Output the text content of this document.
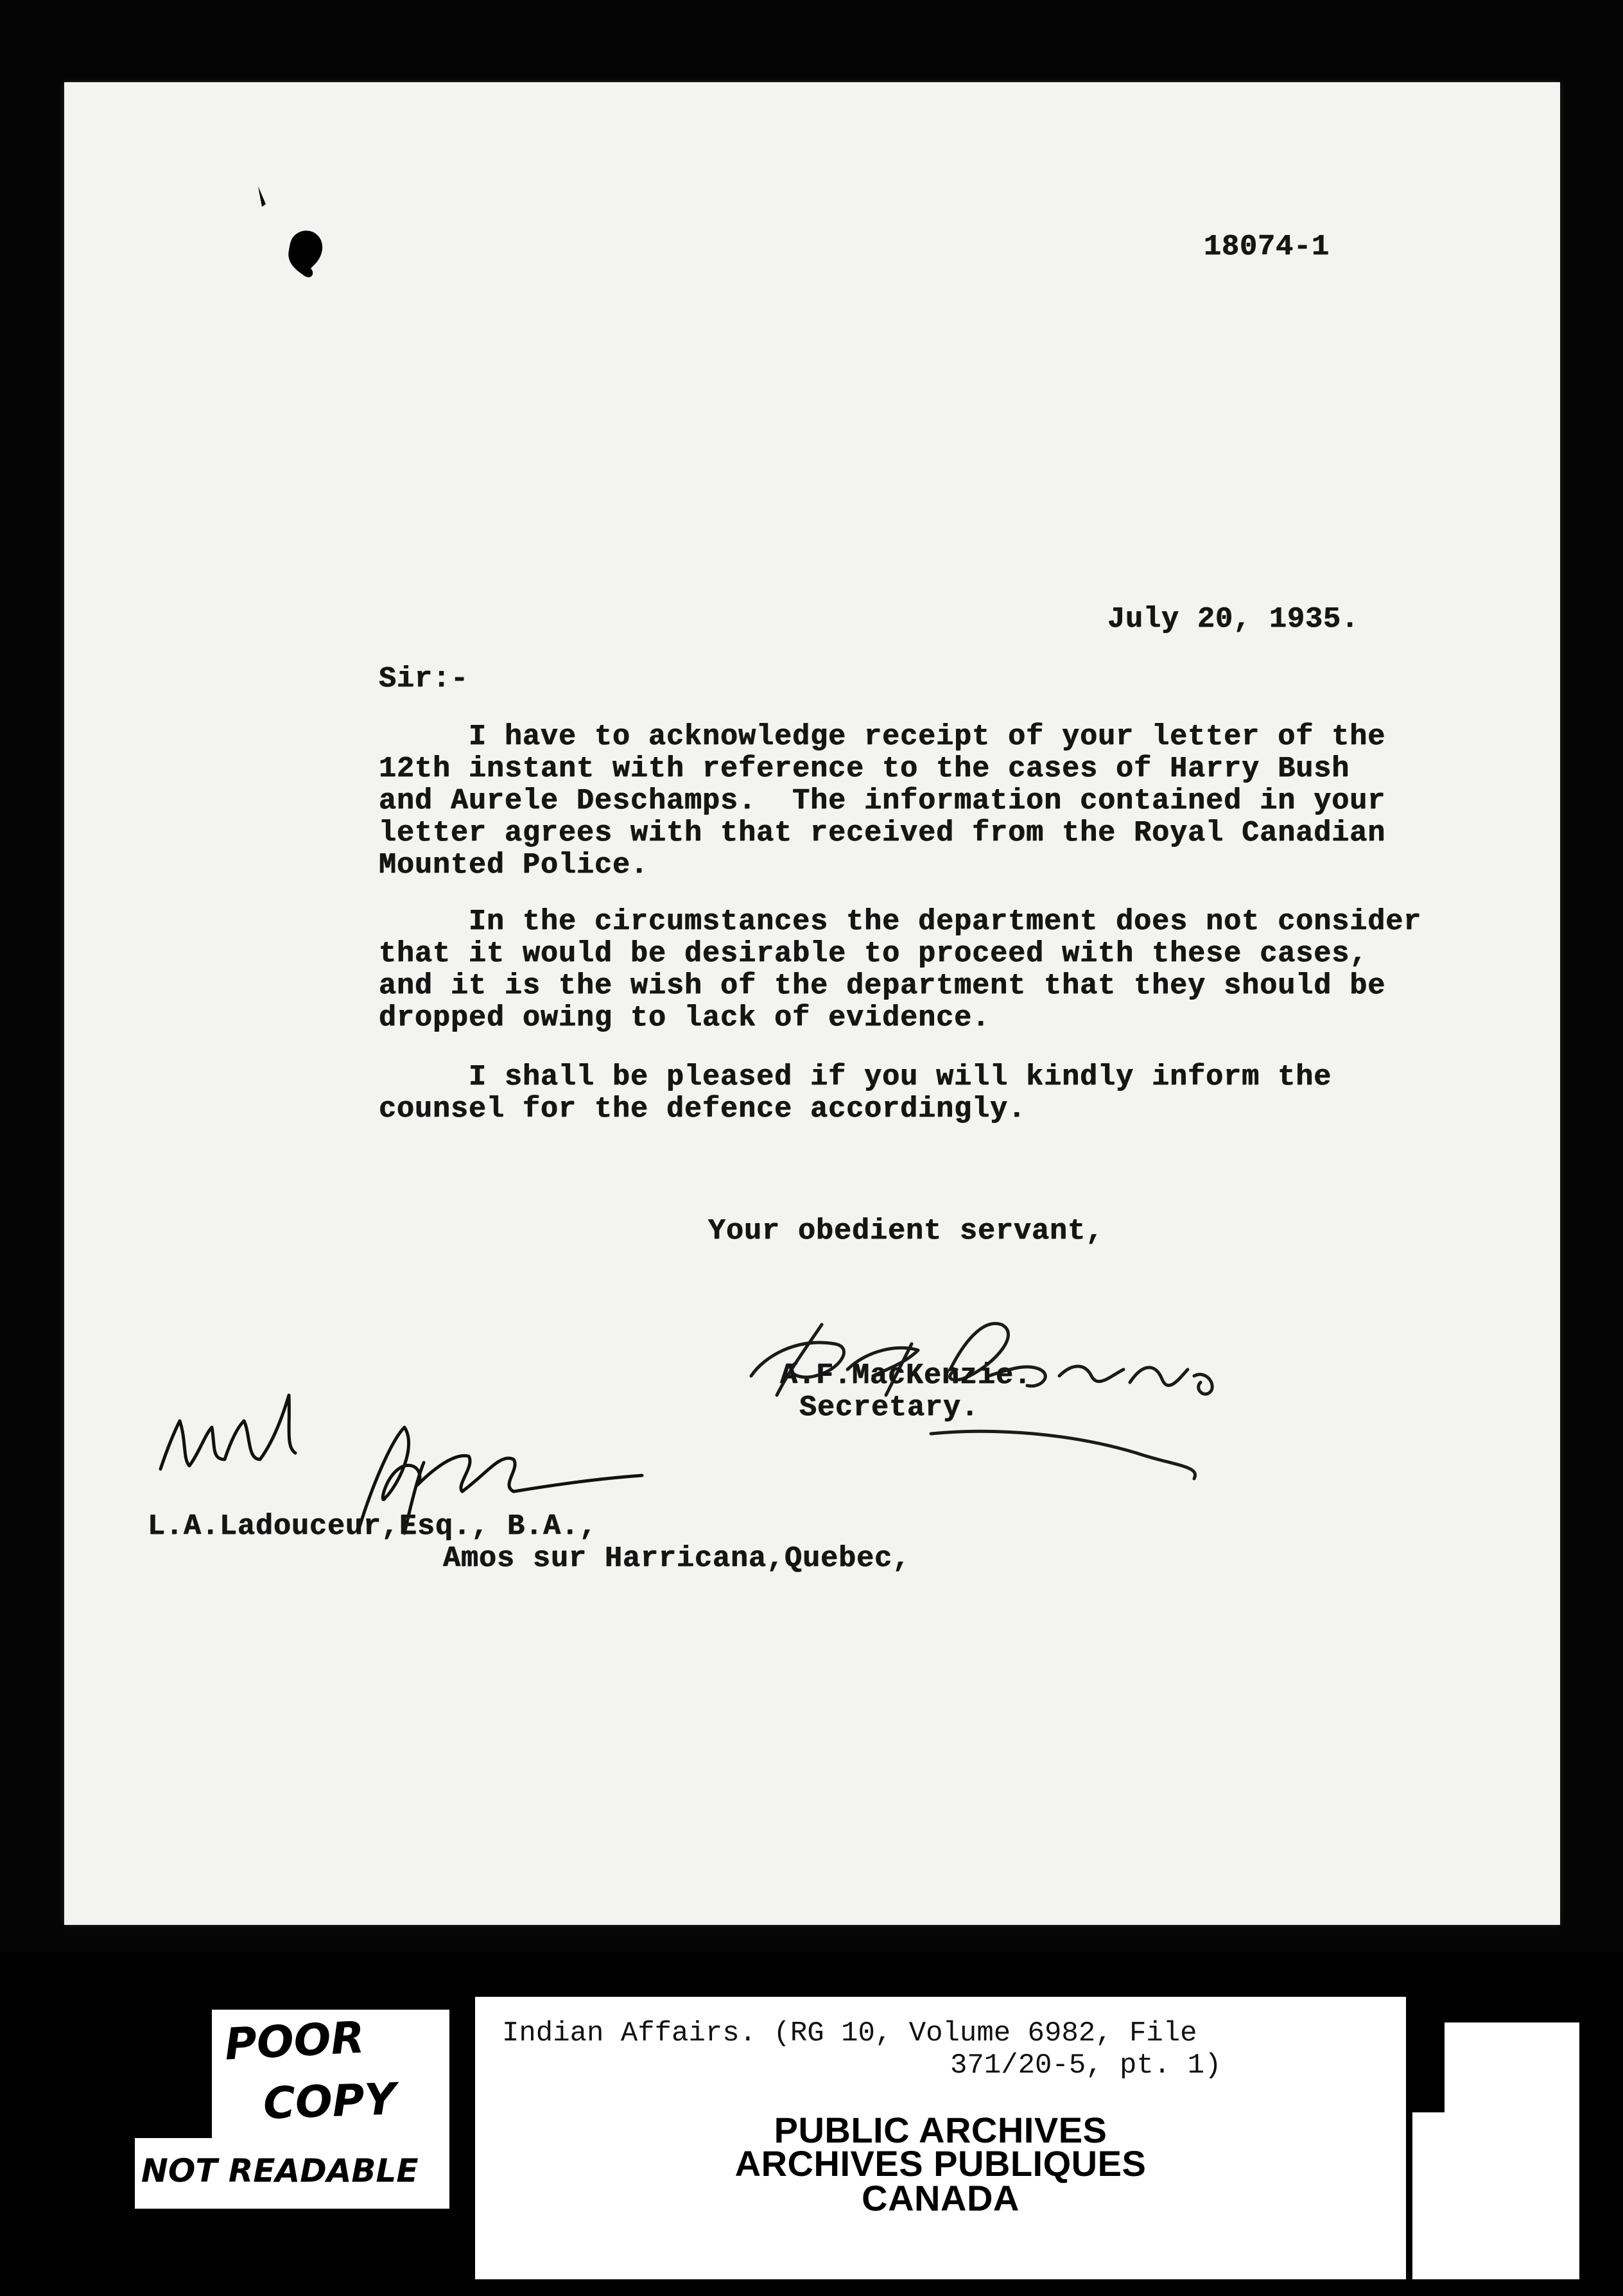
18074-1
July 20, 1935.
Sir:-
I have to acknowledge receipt of your letter of the
12th instant with reference to the cases of Harry Bush
and Aurele Deschamps.  The information contained in your
letter agrees with that received from the Royal Canadian
Mounted Police.
In the circumstances the department does not consider
that it would be desirable to proceed with these cases,
and it is the wish of the department that they should be
dropped owing to lack of evidence.
I shall be pleased if you will kindly inform the
counsel for the defence accordingly.
Your obedient servant,
A.F.MacKenzie.
Secretary.
L.A.Ladouceur,Esq., B.A.,
Amos sur Harricana,Quebec,
POOR
COPY
NOT READABLE
Indian Affairs. (RG 10, Volume 6982, File
371/20-5, pt. 1)
PUBLIC ARCHIVES
ARCHIVES PUBLIQUES
CANADA
